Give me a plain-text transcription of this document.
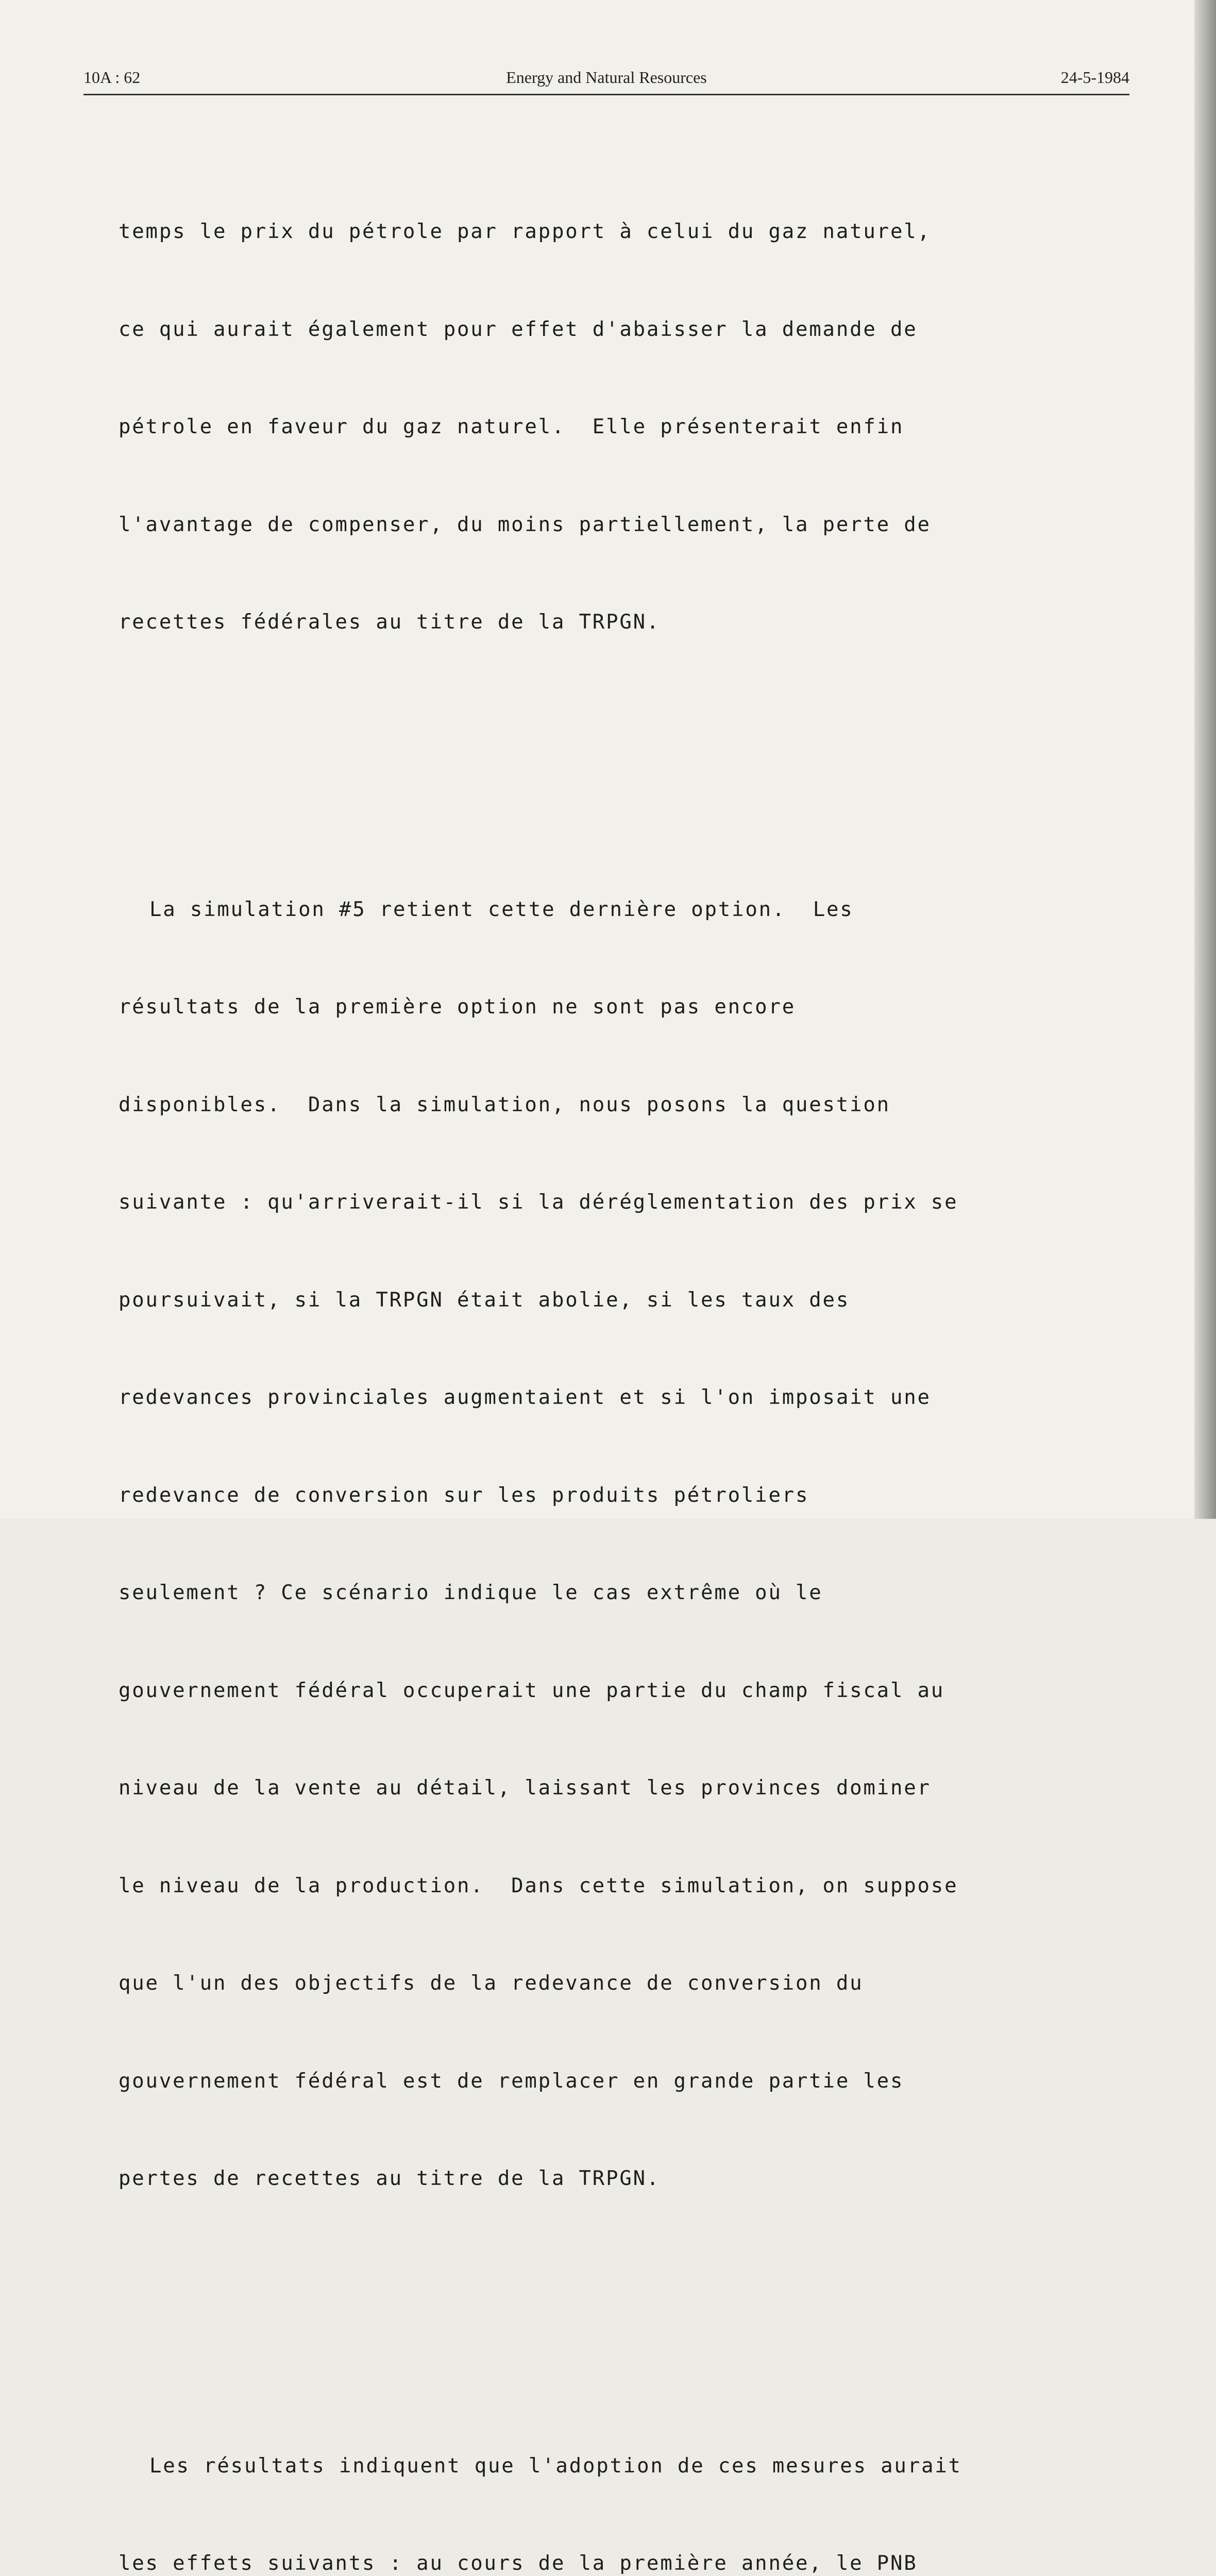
10A : 62	Energy and Natural Resources	24-5-1984

temps le prix du pétrole par rapport à celui du gaz naturel,

ce qui aurait également pour effet d'abaisser la demande de

pétrole en faveur du gaz naturel.  Elle présenterait enfin

l'avantage de compenser, du moins partiellement, la perte de

recettes fédérales au titre de la TRPGN.

La simulation #5 retient cette dernière option.  Les

résultats de la première option ne sont pas encore

disponibles.  Dans la simulation, nous posons la question

suivante : qu'arriverait-il si la déréglementation des prix se

poursuivait, si la TRPGN était abolie, si les taux des

redevances provinciales augmentaient et si l'on imposait une

redevance de conversion sur les produits pétroliers

seulement ? Ce scénario indique le cas extrême où le

gouvernement fédéral occuperait une partie du champ fiscal au

niveau de la vente au détail, laissant les provinces dominer

le niveau de la production.  Dans cette simulation, on suppose

que l'un des objectifs de la redevance de conversion du

gouvernement fédéral est de remplacer en grande partie les

pertes de recettes au titre de la TRPGN.

Les résultats indiquent que l'adoption de ces mesures aurait

les effets suivants : au cours de la première année, le PNB
